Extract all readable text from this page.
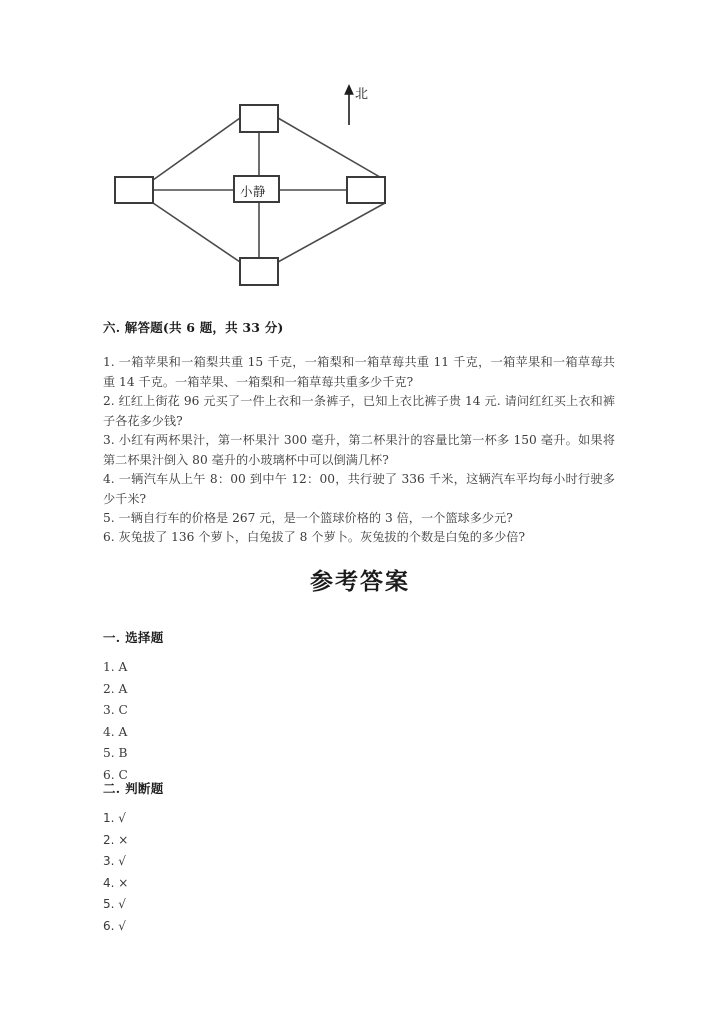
小静
北
六. 解答题(共 6 题，共 33 分)
1. 一箱苹果和一箱梨共重 15 千克，一箱梨和一箱草莓共重 11 千克，一箱苹果和一箱草莓共重 14 千克。一箱苹果、一箱梨和一箱草莓共重多少千克?
2. 红红上街花 96 元买了一件上衣和一条裤子，已知上衣比裤子贵 14 元. 请问红红买上衣和裤子各花多少钱?
3. 小红有两杯果汁，第一杯果汁 300 毫升，第二杯果汁的容量比第一杯多 150 毫升。如果将第二杯果汁倒入 80 毫升的小玻璃杯中可以倒满几杯?
4. 一辆汽车从上午 8：00 到中午 12：00，共行驶了 336 千米，这辆汽车平均每小时行驶多少千米?
5. 一辆自行车的价格是 267 元，是一个篮球价格的 3 倍，一个篮球多少元?
6. 灰兔拔了 136 个萝卜，白兔拔了 8 个萝卜。灰兔拔的个数是白兔的多少倍?
参考答案
一. 选择题
1. A
2. A
3. C
4. A
5. B
6. C
二. 判断题
1. √
2. ×
3. √
4. ×
5. √
6. √
